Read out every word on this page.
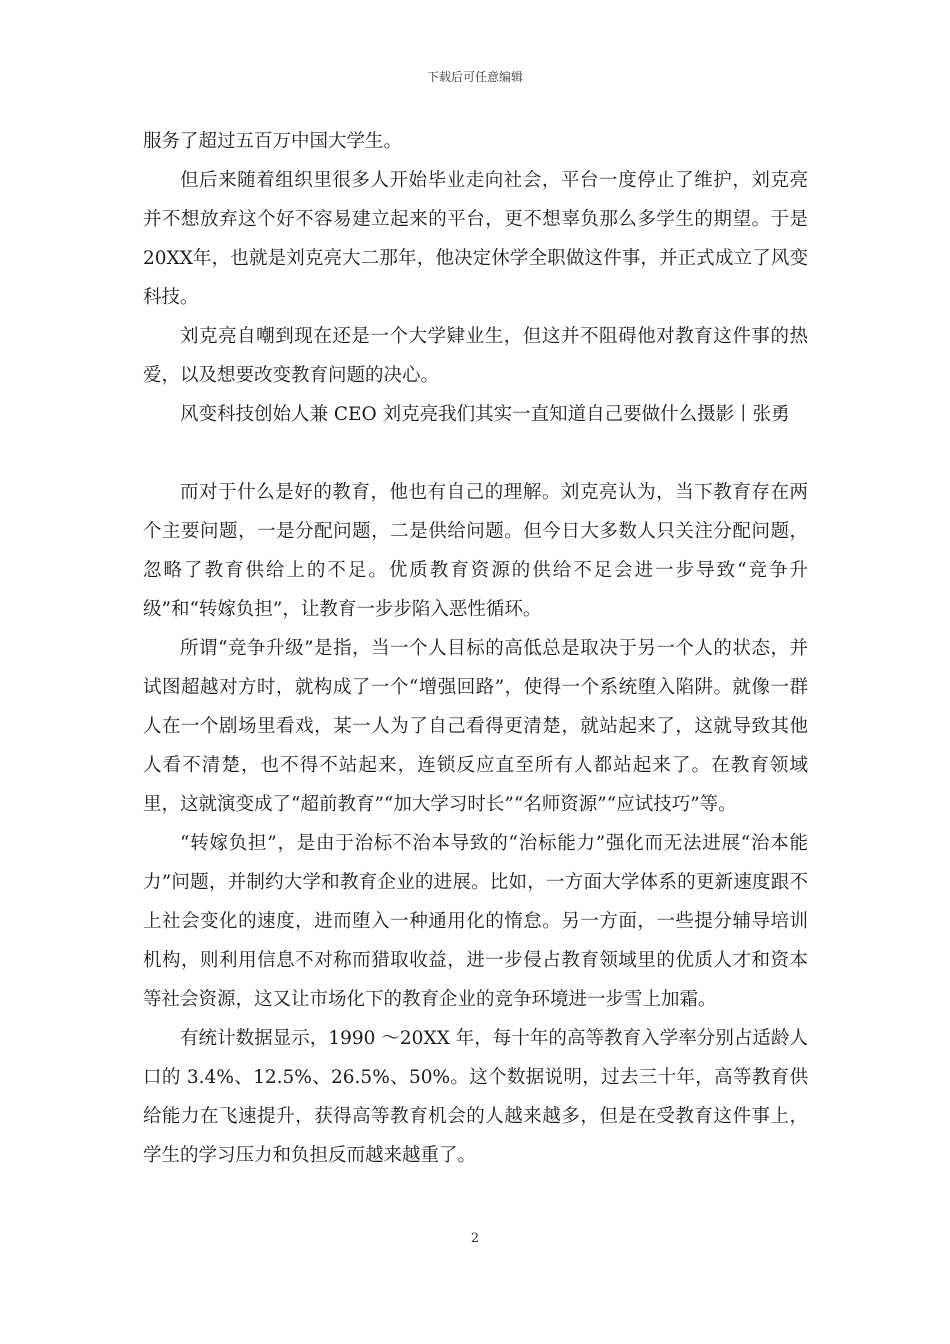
下载后可任意编辑

服务了超过五百万中国大学生。

但后来随着组织里很多人开始毕业走向社会，平台一度停止了维护，刘克亮并不想放弃这个好不容易建立起来的平台，更不想辜负那么多学生的期望。于是20XX年，也就是刘克亮大二那年，他决定休学全职做这件事，并正式成立了风变科技。

刘克亮自嘲到现在还是一个大学肄业生，但这并不阻碍他对教育这件事的热爱，以及想要改变教育问题的决心。

风变科技创始人兼 CEO 刘克亮我们其实一直知道自己要做什么摄影丨张勇

而对于什么是好的教育，他也有自己的理解。刘克亮认为，当下教育存在两个主要问题，一是分配问题，二是供给问题。但今日大多数人只关注分配问题，忽略了教育供给上的不足。优质教育资源的供给不足会进一步导致“竞争升级”和“转嫁负担”，让教育一步步陷入恶性循环。

所谓“竞争升级”是指，当一个人目标的高低总是取决于另一个人的状态，并试图超越对方时，就构成了一个“增强回路”，使得一个系统堕入陷阱。就像一群人在一个剧场里看戏，某一人为了自己看得更清楚，就站起来了，这就导致其他人看不清楚，也不得不站起来，连锁反应直至所有人都站起来了。在教育领域里，这就演变成了“超前教育”“加大学习时长”“名师资源”“应试技巧”等。

“转嫁负担”，是由于治标不治本导致的“治标能力”强化而无法进展“治本能力”问题，并制约大学和教育企业的进展。比如，一方面大学体系的更新速度跟不上社会变化的速度，进而堕入一种通用化的惰怠。另一方面，一些提分辅导培训机构，则利用信息不对称而猎取收益，进一步侵占教育领域里的优质人才和资本等社会资源，这又让市场化下的教育企业的竞争环境进一步雪上加霜。

有统计数据显示，1990 ～20XX 年，每十年的高等教育入学率分别占适龄人口的 3.4%、12.5%、26.5%、50%。这个数据说明，过去三十年，高等教育供给能力在飞速提升，获得高等教育机会的人越来越多，但是在受教育这件事上，学生的学习压力和负担反而越来越重了。

2
